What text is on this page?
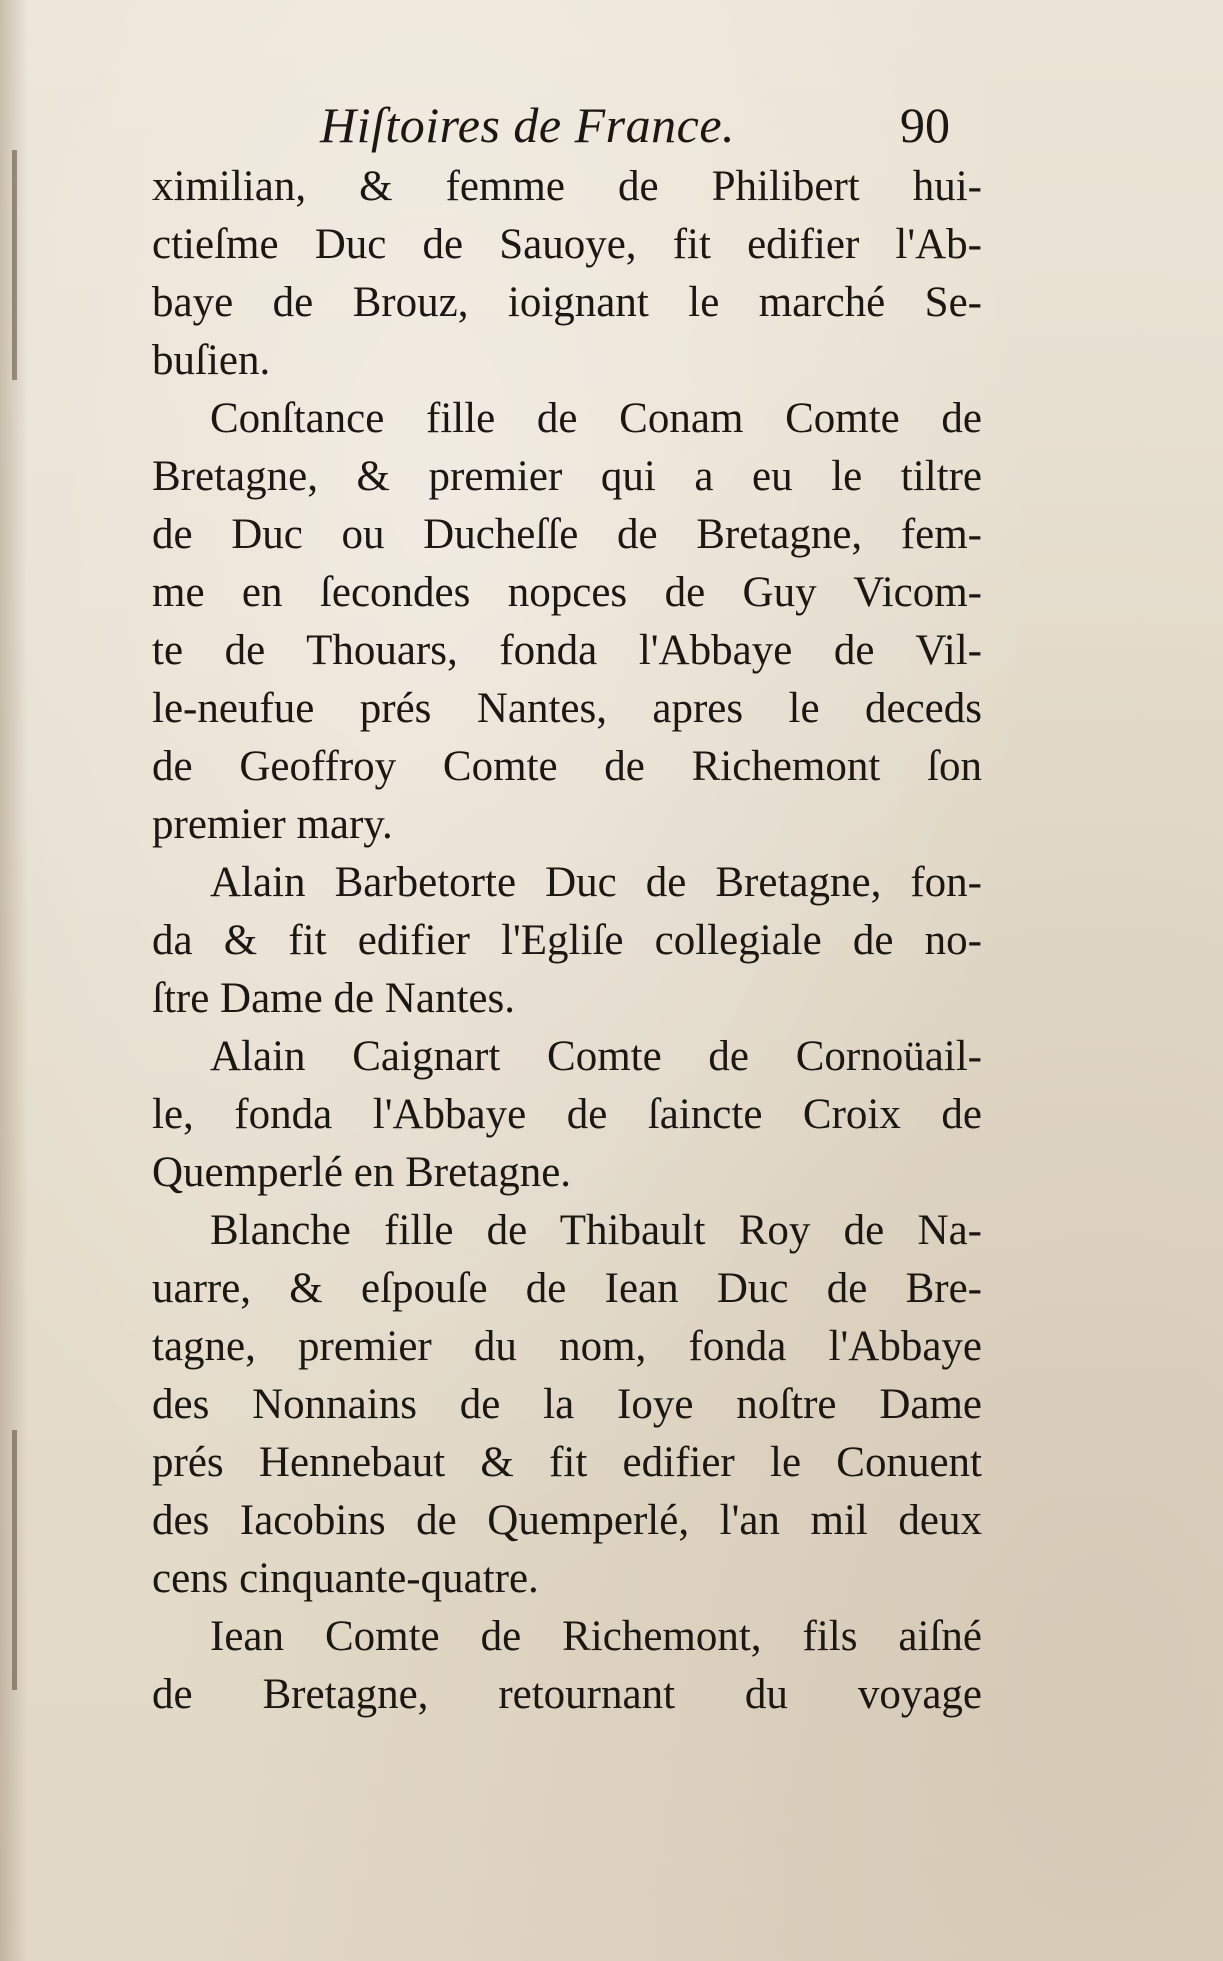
Hiſtoires de France.	90
ximilian, & femme de Philibert hui-
ctieſme Duc de Sauoye, fit edifier l'Ab-
baye de Brouz, ioignant le marché Se-
buſien.
Conſtance fille de Conam Comte de
Bretagne, & premier qui a eu le tiltre
de Duc ou Ducheſſe de Bretagne, fem-
me en ſecondes nopces de Guy Vicom-
te de Thouars, fonda l'Abbaye de Vil-
le-neufue prés Nantes, apres le deceds
de Geoffroy Comte de Richemont ſon
premier mary.
Alain Barbetorte Duc de Bretagne, fon-
da & fit edifier l'Egliſe collegiale de no-
ſtre Dame de Nantes.
Alain Caignart Comte de Cornoüail-
le, fonda l'Abbaye de ſaincte Croix de
Quemperlé en Bretagne.
Blanche fille de Thibault Roy de Na-
uarre, & eſpouſe de Iean Duc de Bre-
tagne, premier du nom, fonda l'Abbaye
des Nonnains de la Ioye noſtre Dame
prés Hennebaut & fit edifier le Conuent
des Iacobins de Quemperlé, l'an mil deux
cens cinquante-quatre.
Iean Comte de Richemont, fils aiſné
de Bretagne, retournant du voyage
